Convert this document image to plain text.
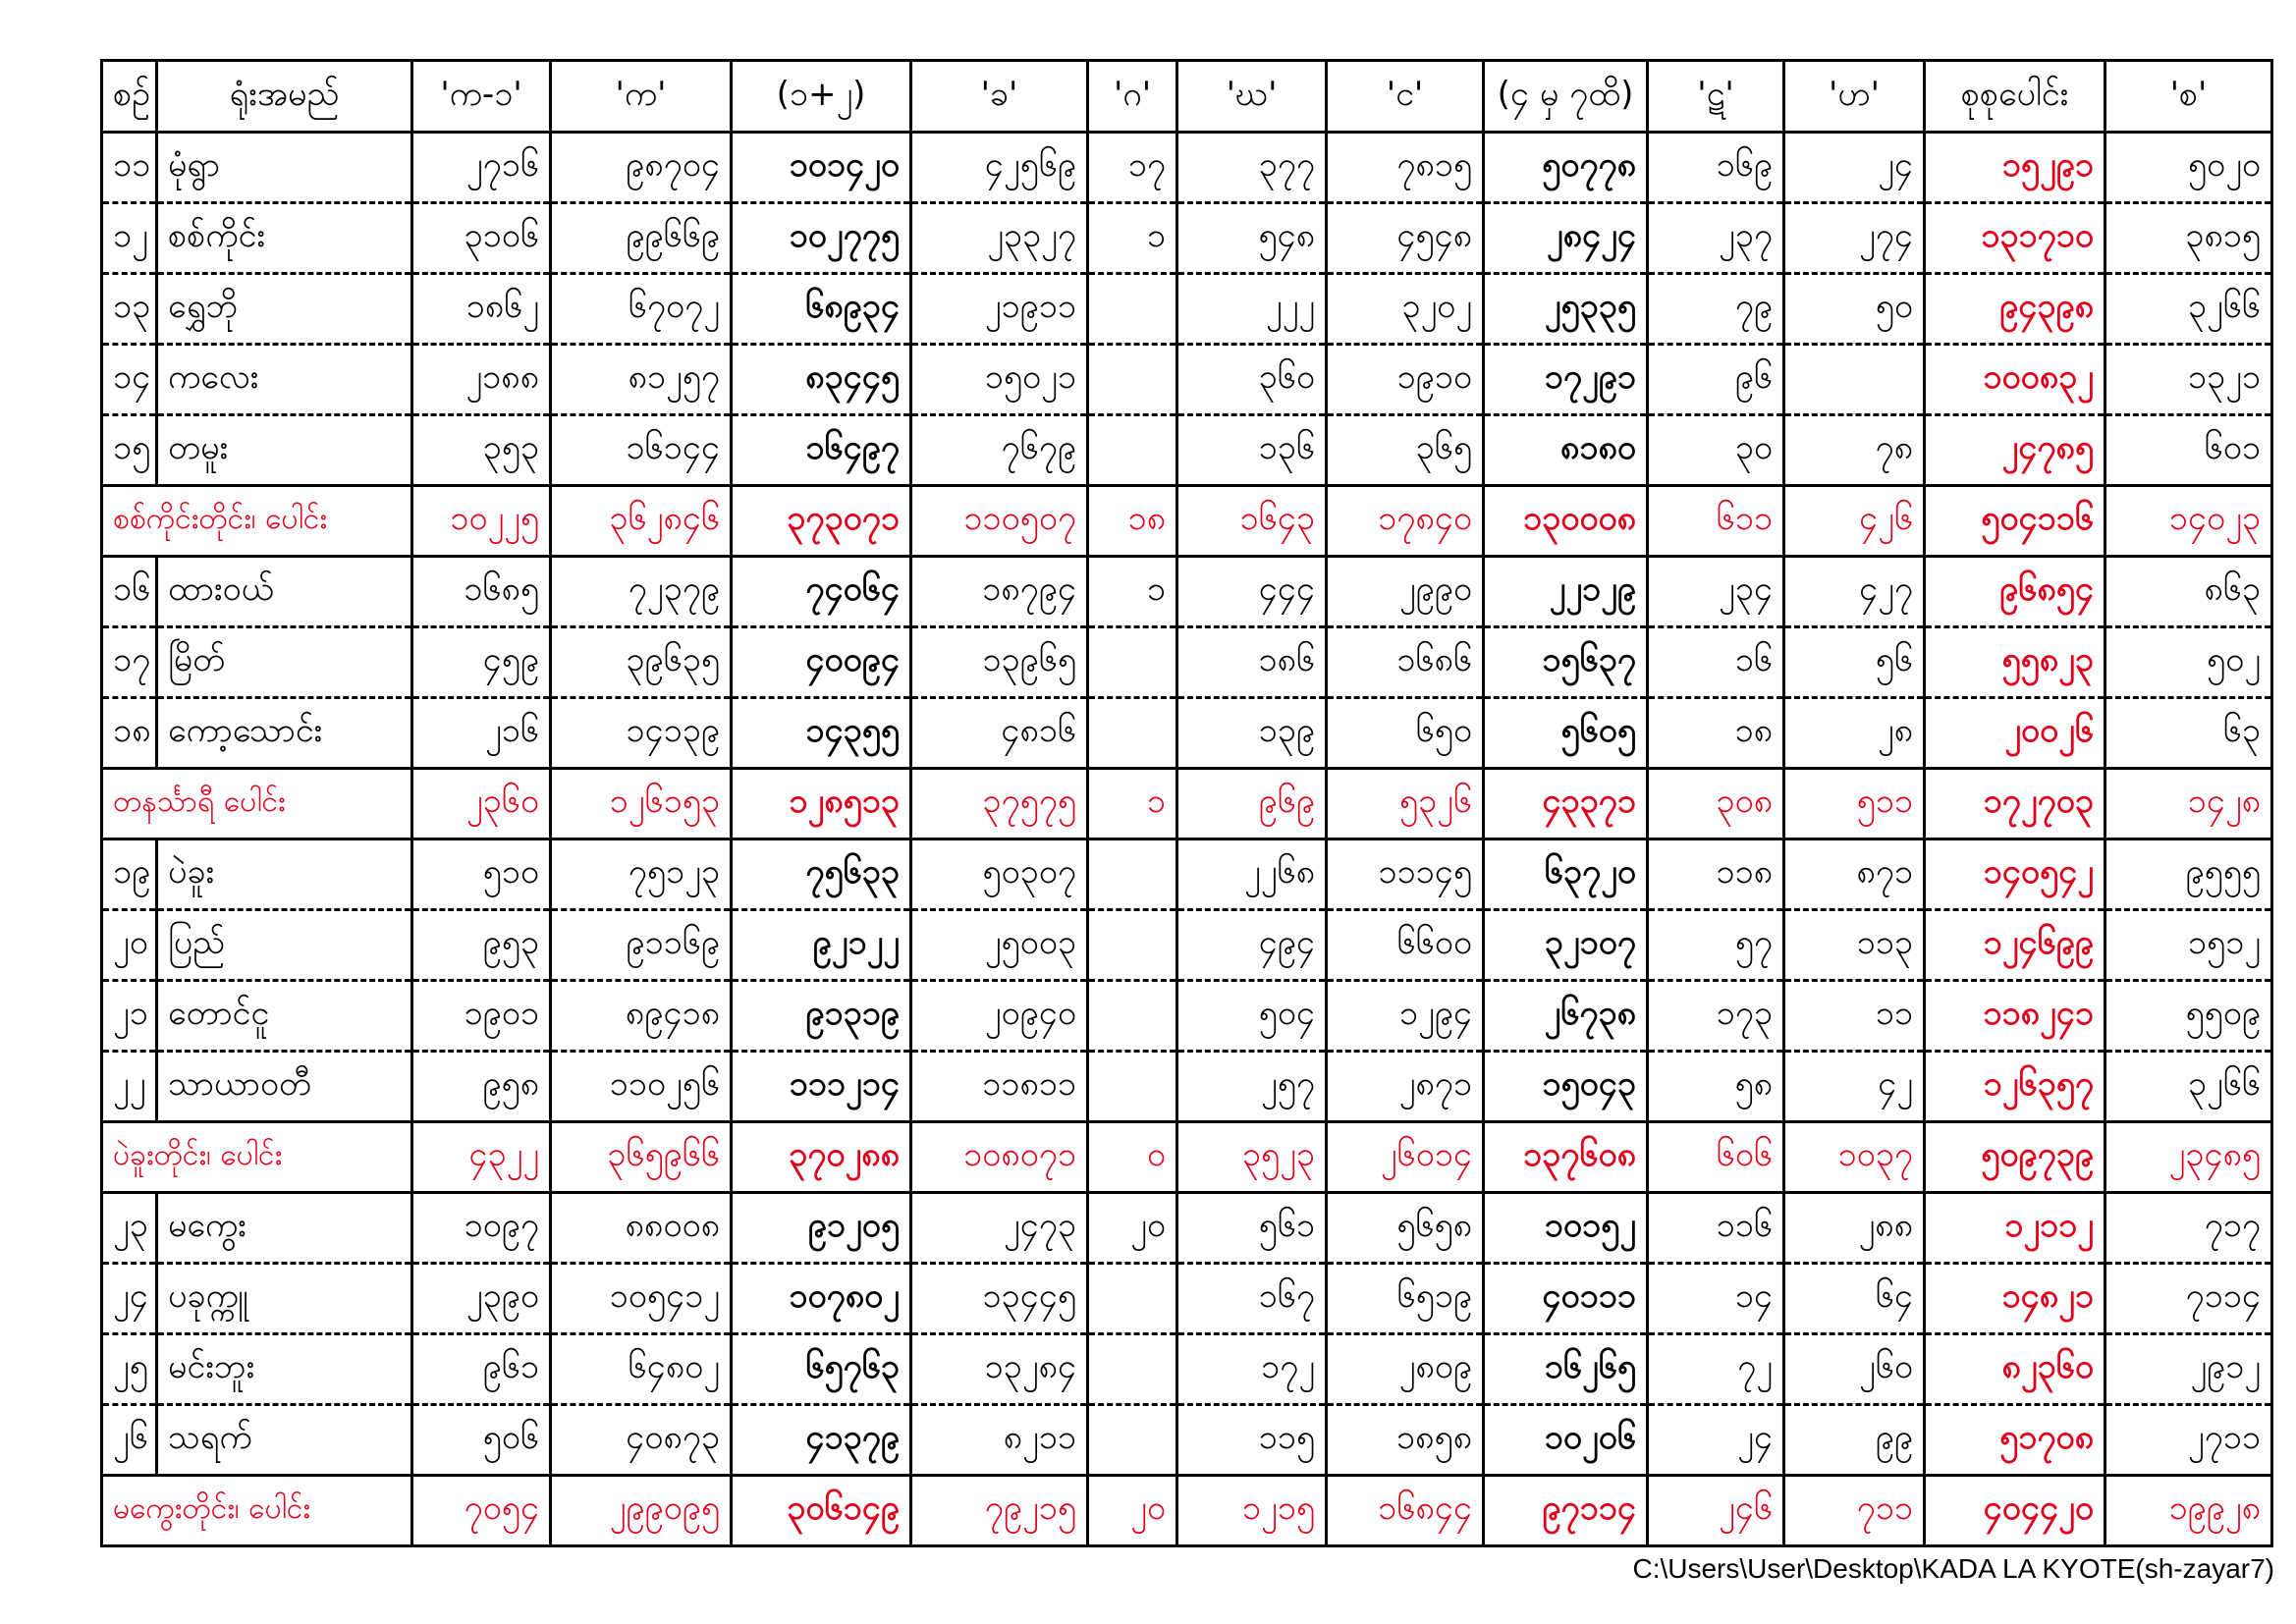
စဉ်	ရုံးအမည်	'က-၁'	'က'	(၁+၂)	'ခ'	'ဂ'	'ဃ'	'င'	(၄ မှ ၇ထိ)	'ဋ'	'ဟ'	စုစုပေါင်း	'စ'
၁၁	မုံရွာ	၂၇၁၆	၉၈၇၀၄	၁၀၁၄၂၀	၄၂၅၆၉	၁၇	၃၇၇	၇၈၁၅	၅၀၇၇၈	၁၆၉	၂၄	၁၅၂၉၁	၅၀၂၀
၁၂	စစ်ကိုင်း	၃၁၀၆	၉၉၆၆၉	၁၀၂၇၇၅	၂၃၃၂၇	၁	၅၄၈	၄၅၄၈	၂၈၄၂၄	၂၃၇	၂၇၄	၁၃၁၇၁၀	၃၈၁၅
၁၃	ရွှေဘို	၁၈၆၂	၆၇၀၇၂	၆၈၉၃၄	၂၁၉၁၁		၂၂၂	၃၂၀၂	၂၅၃၃၅	၇၉	၅၀	၉၄၃၉၈	၃၂၆၆
၁၄	ကလေး	၂၁၈၈	၈၁၂၅၇	၈၃၄၄၅	၁၅၀၂၁		၃၆၀	၁၉၁၀	၁၇၂၉၁	၉၆		၁၀၀၈၃၂	၁၃၂၁
၁၅	တမူး	၃၅၃	၁၆၁၄၄	၁၆၄၉၇	၇၆၇၉		၁၃၆	၃၆၅	၈၁၈၀	၃၀	၇၈	၂၄၇၈၅	၆၀၁
စစ်ကိုင်းတိုင်း၊ ပေါင်း		၁၀၂၂၅	၃၆၂၈၄၆	၃၇၃၀၇၁	၁၁၀၅၀၇	၁၈	၁၆၄၃	၁၇၈၄၀	၁၃၀၀၀၈	၆၁၁	၄၂၆	၅၀၄၁၁၆	၁၄၀၂၃
၁၆	ထားဝယ်	၁၆၈၅	၇၂၃၇၉	၇၄၀၆၄	၁၈၇၉၄	၁	၄၄၄	၂၉၉၀	၂၂၁၂၉	၂၃၄	၄၂၇	၉၆၈၅၄	၈၆၃
၁၇	မြိတ်	၄၅၉	၃၉၆၃၅	၄၀၀၉၄	၁၃၉၆၅		၁၈၆	၁၆၈၆	၁၅၆၃၇	၁၆	၅၆	၅၅၈၂၃	၅၀၂
၁၈	ကော့သောင်း	၂၁၆	၁၄၁၃၉	၁၄၃၅၅	၄၈၁၆		၁၃၉	၆၅၀	၅၆၀၅	၁၈	၂၈	၂၀၀၂၆	၆၃
တနင်္သာရီ ပေါင်း		၂၃၆၀	၁၂၆၁၅၃	၁၂၈၅၁၃	၃၇၅၇၅	၁	၉၆၉	၅၃၂၆	၄၃၃၇၁	၃၀၈	၅၁၁	၁၇၂၇၀၃	၁၄၂၈
၁၉	ပဲခူး	၅၁၀	၇၅၁၂၃	၇၅၆၃၃	၅၀၃၀၇		၂၂၆၈	၁၁၁၄၅	၆၃၇၂၀	၁၁၈	၈၇၁	၁၄၀၅၄၂	၉၅၅၅
၂၀	ပြည်	၉၅၃	၉၁၁၆၉	၉၂၁၂၂	၂၅၀၀၃		၄၉၄	၆၆၀၀	၃၂၁၀၇	၅၇	၁၁၃	၁၂၄၆၉၉	၁၅၁၂
၂၁	တောင်ငူ	၁၉၀၁	၈၉၄၁၈	၉၁၃၁၉	၂၀၉၄၀		၅၀၄	၁၂၉၄	၂၆၇၃၈	၁၇၃	၁၁	၁၁၈၂၄၁	၅၅၀၉
၂၂	သာယာဝတီ	၉၅၈	၁၁၀၂၅၆	၁၁၁၂၁၄	၁၁၈၁၁		၂၅၇	၂၈၇၁	၁၅၀၄၃	၅၈	၄၂	၁၂၆၃၅၇	၃၂၆၆
ပဲခူးတိုင်း၊ ပေါင်း		၄၃၂၂	၃၆၅၉၆၆	၃၇၀၂၈၈	၁၀၈၀၇၁	၀	၃၅၂၃	၂၆၀၁၄	၁၃၇၆၀၈	၆၀၆	၁၀၃၇	၅၀၉၇၃၉	၂၃၄၈၅
၂၃	မကွေး	၁၀၉၇	၈၈၀၀၈	၉၁၂၀၅	၂၄၇၃	၂၀	၅၆၁	၅၆၅၈	၁၀၁၅၂	၁၁၆	၂၈၈	၁၂၁၁၂	၇၁၇
၂၄	ပခုက္ကူ	၂၃၉၀	၁၀၅၄၁၂	၁၀၇၈၀၂	၁၃၄၄၅		၁၆၇	၆၅၁၉	၄၀၁၁၁	၁၄	၆၄	၁၄၈၂၁	၇၁၁၄
၂၅	မင်းဘူး	၉၆၁	၆၄၈၀၂	၆၅၇၆၃	၁၃၂၈၄		၁၇၂	၂၈၀၉	၁၆၂၆၅	၇၂	၂၆၀	၈၂၃၆၀	၂၉၁၂
၂၆	သရက်	၅၀၆	၄၀၈၇၃	၄၁၃၇၉	၈၂၁၁		၁၁၅	၁၈၅၈	၁၀၂၀၆	၂၄	၉၉	၅၁၇၀၈	၂၇၁၁
မကွေးတိုင်း၊ ပေါင်း		၇၀၅၄	၂၉၉၀၉၅	၃၀၆၁၄၉	၇၉၂၁၅	၂၀	၁၂၁၅	၁၆၈၄၄	၉၇၁၁၄	၂၄၆	၇၁၁	၄၀၄၄၂၀	၁၉၉၂၈
C:\Users\User\Desktop\KADA LA KYOTE(sh-zayar7)
